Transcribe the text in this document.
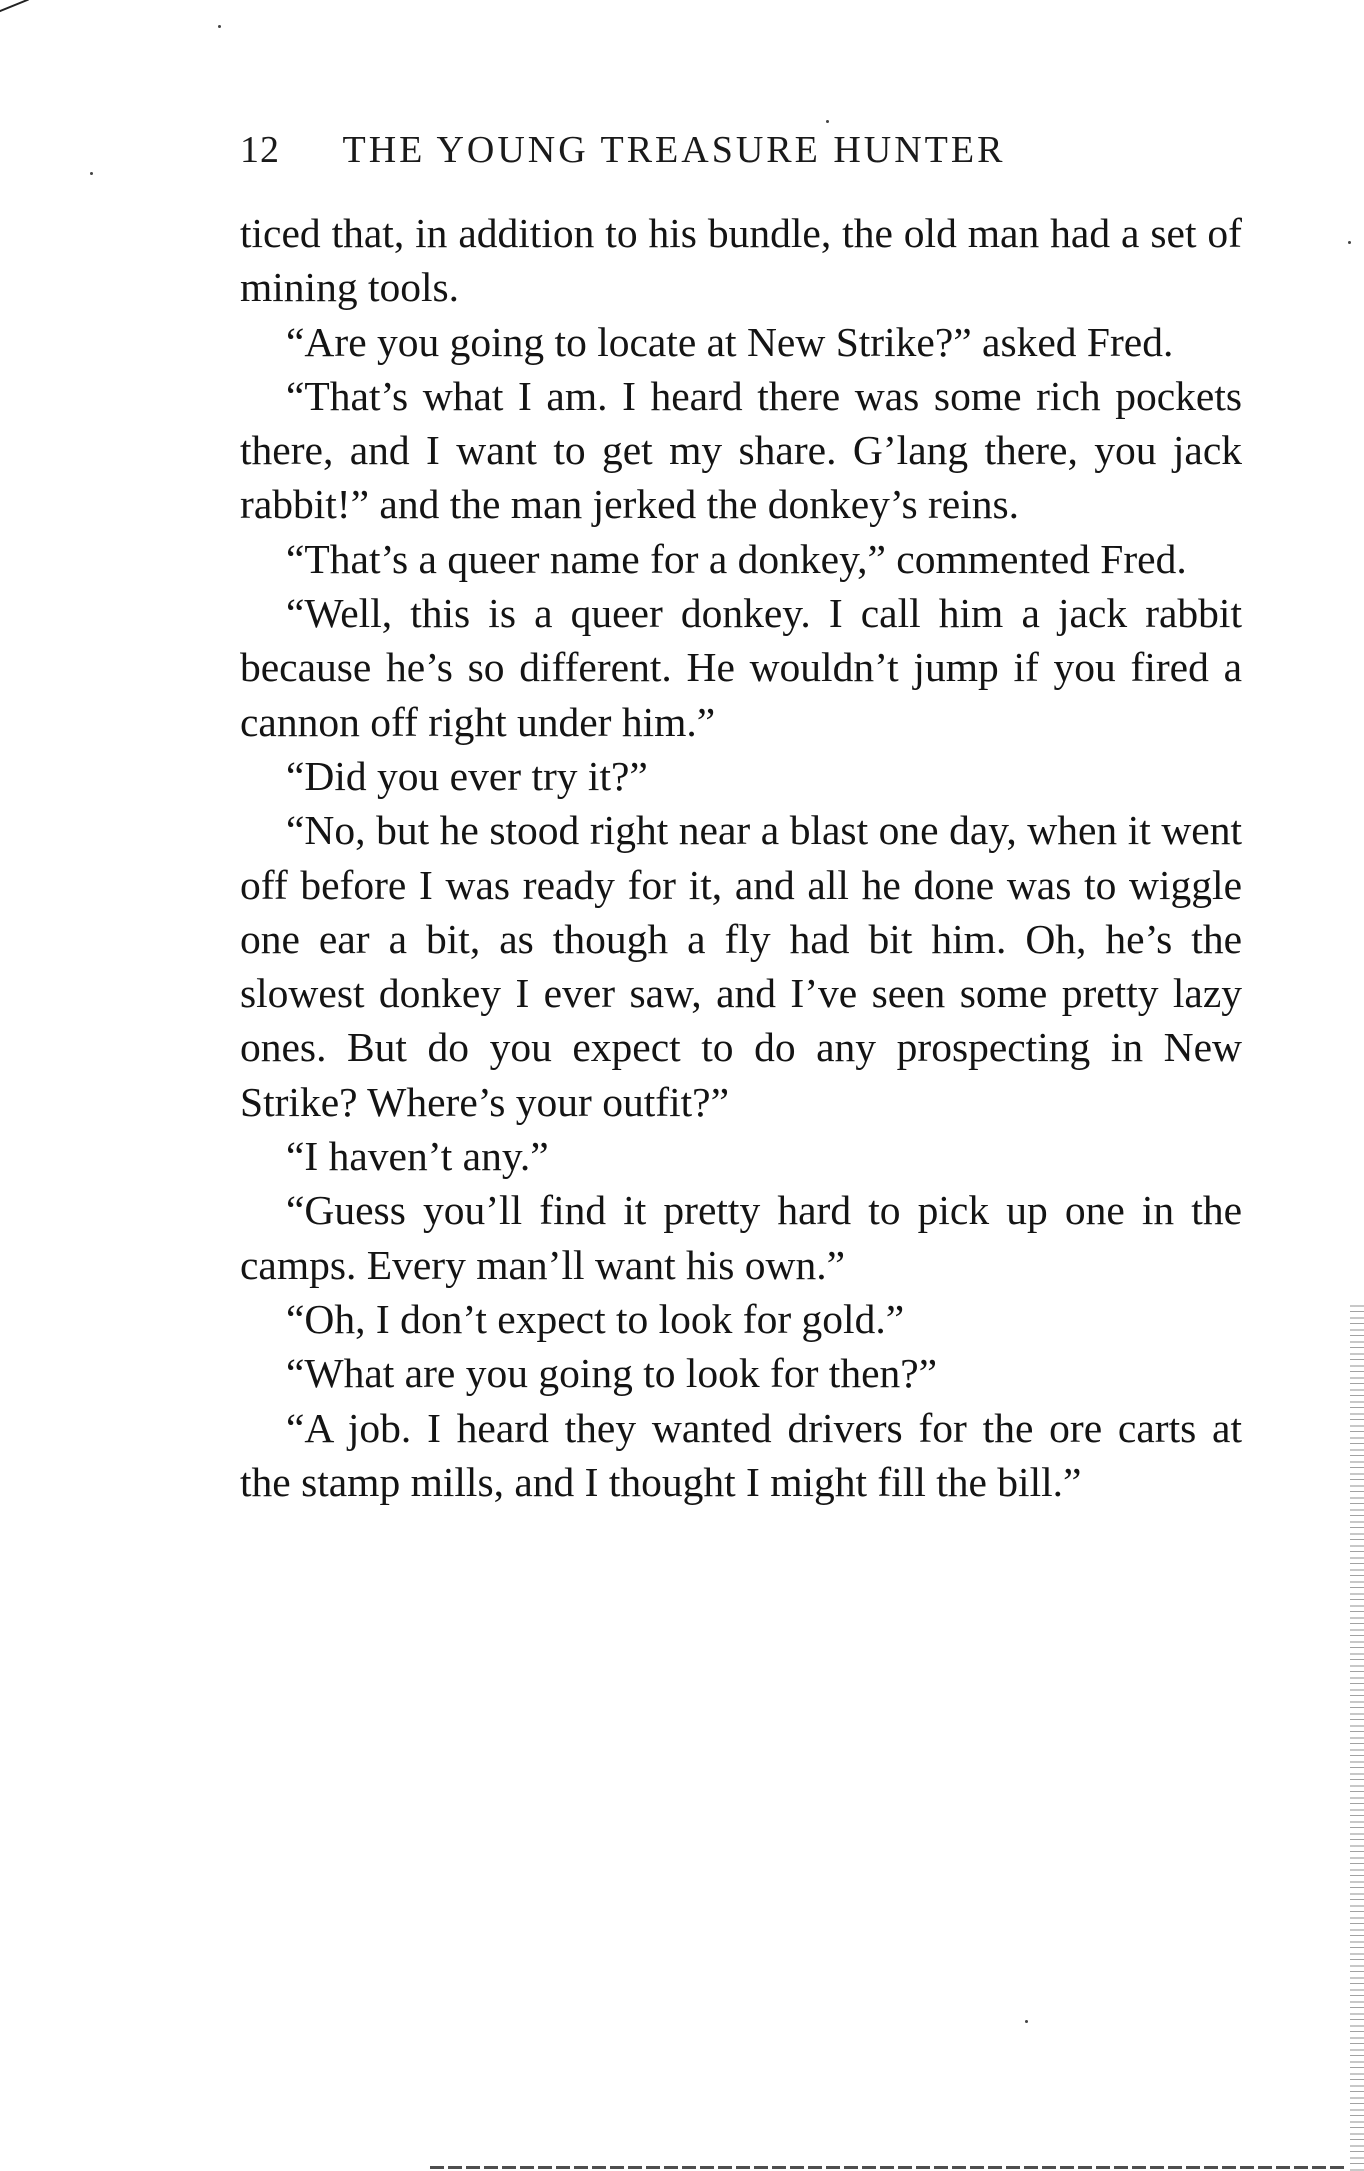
12 THE YOUNG TREASURE HUNTER

ticed that, in addition to his bundle, the old man had a set of mining tools.

“Are you going to locate at New Strike?” asked Fred.

“That’s what I am. I heard there was some rich pockets there, and I want to get my share. G’lang there, you jack rabbit!” and the man jerked the donkey’s reins.

“That’s a queer name for a donkey,” commented Fred.

“Well, this is a queer donkey. I call him a jack rabbit because he’s so different. He wouldn’t jump if you fired a cannon off right under him.”

“Did you ever try it?”

“No, but he stood right near a blast one day, when it went off before I was ready for it, and all he done was to wiggle one ear a bit, as though a fly had bit him. Oh, he’s the slowest donkey I ever saw, and I’ve seen some pretty lazy ones. But do you expect to do any prospecting in New Strike? Where’s your outfit?”

“I haven’t any.”

“Guess you’ll find it pretty hard to pick up one in the camps. Every man’ll want his own.”

“Oh, I don’t expect to look for gold.”

“What are you going to look for then?”

“A job. I heard they wanted drivers for the ore carts at the stamp mills, and I thought I might fill the bill.”
